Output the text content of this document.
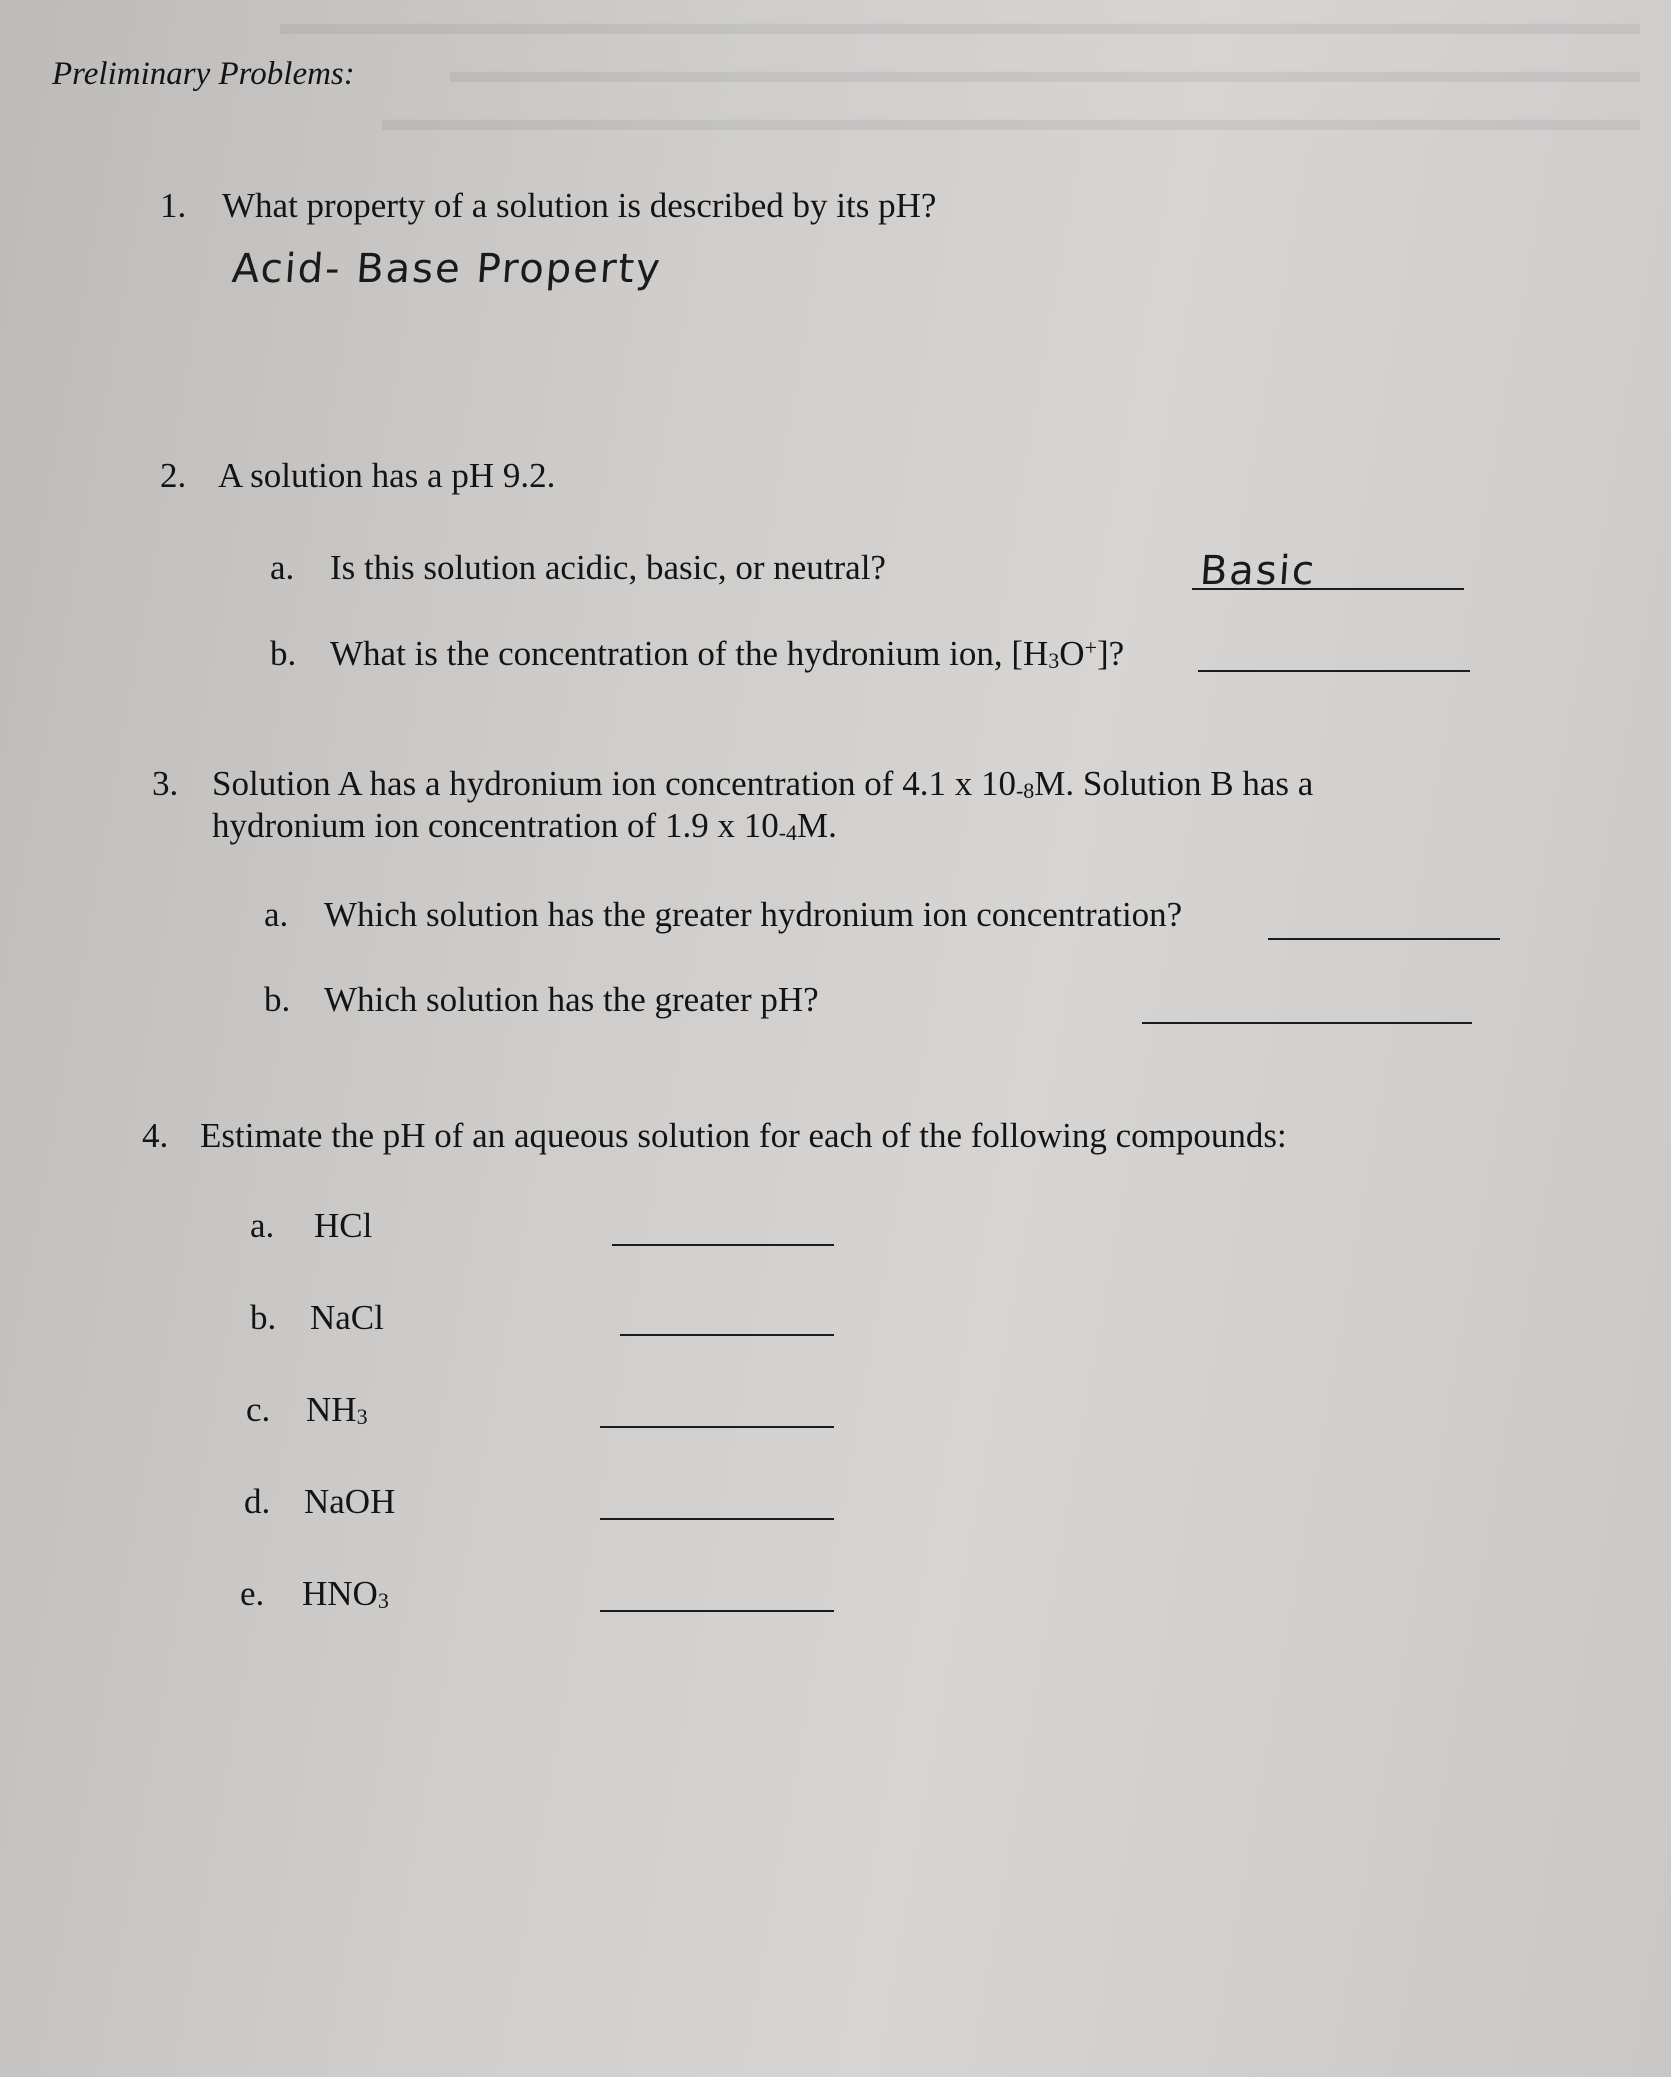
▬▬▬▬▬▬▬▬▬▬▬▬▬▬▬▬▬▬▬▬▬▬▬▬▬▬▬▬▬▬▬▬▬▬▬▬▬▬▬▬
▬▬▬▬▬▬▬▬▬▬▬▬▬▬▬▬▬▬▬▬▬▬▬▬▬▬▬▬▬▬▬▬▬▬▬
▬▬▬▬▬▬▬▬▬▬▬▬▬▬▬▬▬▬▬▬▬▬▬▬▬▬▬▬▬▬▬▬▬▬▬▬▬
Preliminary Problems:
1. What property of a solution is described by its pH?
Acid- Base Property
2. A solution has a pH 9.2.
a. Is this solution acidic, basic, or neutral?	Basic
b. What is the concentration of the hydronium ion, $[H_3O^+]$?
3. Solution A has a hydronium ion concentration of 4.1 x $10_{-8}M$. Solution B has a
hydronium ion concentration of 1.9 x $10_{-4}M$.
a. Which solution has the greater hydronium ion concentration?
b. Which solution has the greater pH?
4. Estimate the pH of an aqueous solution for each of the following compounds:
a. HCl
b. NaCl
c. $NH_3$
d. NaOH
e. $HNO_3$
